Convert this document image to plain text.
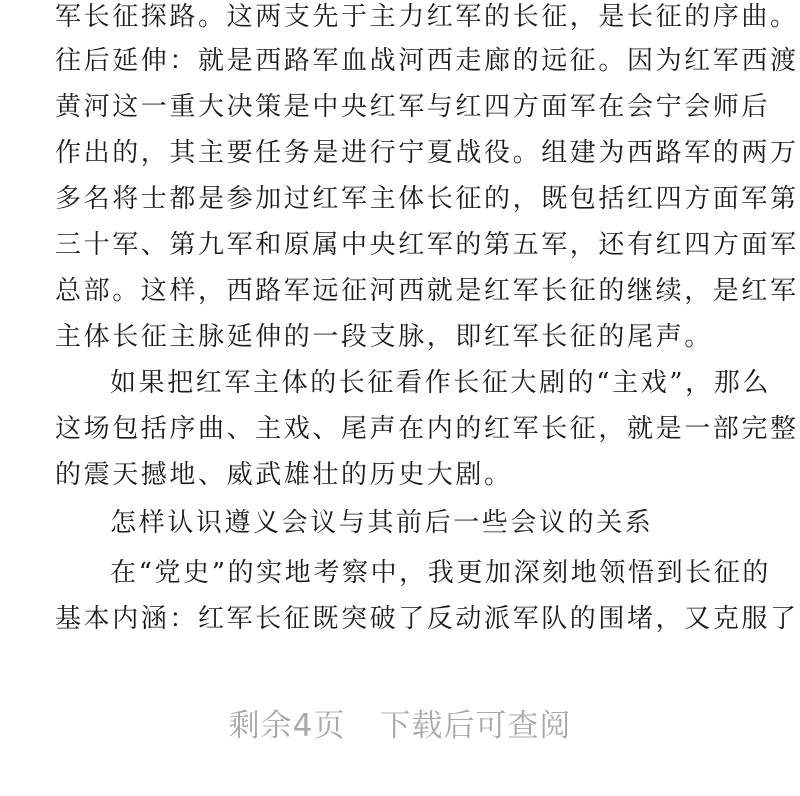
军长征探路。这两支先于主力红军的长征，是长征的序曲。
往后延伸：就是西路军血战河西走廊的远征。因为红军西渡
黄河这一重大决策是中央红军与红四方面军在会宁会师后
作出的，其主要任务是进行宁夏战役。组建为西路军的两万
多名将士都是参加过红军主体长征的，既包括红四方面军第
三十军、第九军和原属中央红军的第五军，还有红四方面军
总部。这样，西路军远征河西就是红军长征的继续，是红军
主体长征主脉延伸的一段支脉，即红军长征的尾声。
如果把红军主体的长征看作长征大剧的“主戏”，那么
这场包括序曲、主戏、尾声在内的红军长征，就是一部完整
的震天撼地、威武雄壮的历史大剧。
怎样认识遵义会议与其前后一些会议的关系
在“党史”的实地考察中，我更加深刻地领悟到长征的
基本内涵：红军长征既突破了反动派军队的围堵，又克服了
剩余4页 下载后可查阅
